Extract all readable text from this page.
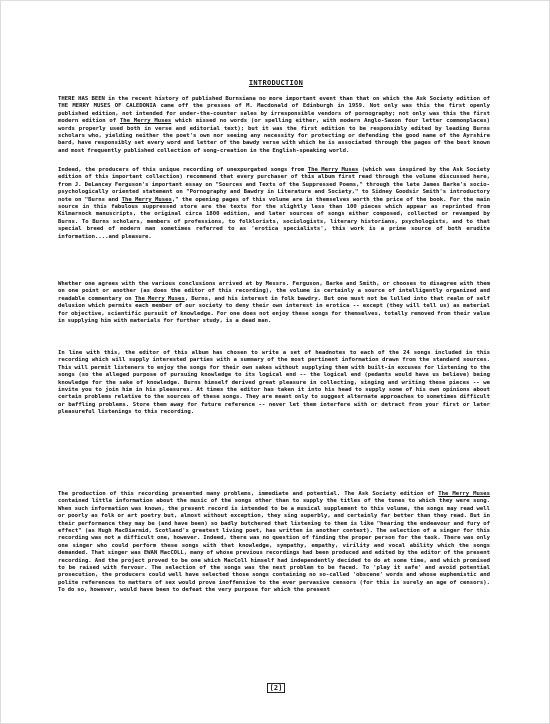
INTRODUCTION
THERE HAS BEEN in the recent history of published Burnsiana no more important event than that on which the Ask Society edition of THE MERRY MUSES OF CALEDONIA came off the presses of M. Macdonald of Edinburgh in 1959. Not only was this the first openly published edition, not intended for under-the-counter sales by irresponsible vendors of pornography; not only was this the first modern edition of The Merry Muses which missed no words (or spelling either, with modern Anglo-Saxon four letter commonplaces) words properly used both in verse and editorial text); but it was the first edition to be responsibly edited by leading Burns scholars who, yielding neither the poet's own nor seeing any necessity for protecting or defending the good name of the Ayrshire bard, have responsibly set every word and letter of the bawdy verse with which he is associated through the pages of the best known and most frequently published collection of song-creation in the English-speaking world.
Indeed, the producers of this unique recording of unexpurgated songs from The Merry Muses (which was inspired by the Ask Society edition of this important collection) recommend that every purchaser of this album first read through the volume discussed here, from J. DeLancey Ferguson's important essay on "Sources and Texts of the Suppressed Poems," through the late James Barke's socio-psychologically oriented statement on "Pornography and Bawdry in Literature and Society," to Sidney Goodsir Smith's introductory note on "Burns and The Merry Muses," the opening pages of this volume are in themselves worth the price of the book. For the main source in this fabulous suppressed store are the texts for the slightly less than 100 pieces which appear as reprinted from Kilmarnock manuscripts, the original circa 1800 edition, and later sources of songs either composed, collected or revamped by Burns. To Burns scholars, members of professions, to folklorists, sociologists, literary historians, psychologists, and to that special breed of modern man sometimes referred to as 'erotica specialists', this work is a prime source of both erudite information....and pleasure.
Whether one agrees with the various conclusions arrived at by Messrs. Ferguson, Barke and Smith, or chooses to disagree with them on one point or another (as does the editor of this recording), the volume is certainly a source of intelligently organized and readable commentary on The Merry Muses, Burns, and his interest in folk bawdry. But one must not be lulled into that realm of self delusion which permits each member of our society to deny their own interest in erotica -- except (they will tell us) as material for objective, scientific pursuit of knowledge. For one does not enjoy these songs for themselves, totally removed from their value in supplying him with materials for further study, is a dead man.
In line with this, the editor of this album has chosen to write a set of headnotes to each of the 24 songs included in this recording which will supply interested parties with a summary of the most pertinent information drawn from the standard sources. This will permit listeners to enjoy the songs for their own sakes without supplying them with built-in excuses for listening to the songs (so the alleged purpose of pursuing knowledge to its logical end -- the logical end (pedants would have us believe) being knowledge for the sake of knowledge. Burns himself derived great pleasure in collecting, singing and writing these pieces -- we invite you to join him in his pleasures. At times the editor has taken it into his head to supply some of his own opinions about certain problems relative to the sources of these songs. They are meant only to suggest alternate approaches to sometimes difficult or baffling problems. Store them away for future reference -- never let them interfere with or detract from your first or later pleasureful listenings to this recording.
The production of this recording presented many problems, immediate and potential. The Ask Society edition of The Merry Muses contained little information about the music of the songs other than to supply the titles of the tunes to which they were sung. When such information was known, the present record is intended to be a musical supplement to this volume, the songs may read well or poorly as folk or art poetry but, almost without exception, they sing superbly, and certainly far better than they read. But in their performance they may be (and have been) so badly butchered that listening to them is like "hearing the endeavour and fury of effect" (as Hugh MacDiarmid, Scotland's greatest living poet, has written in another context). The selection of a singer for this recording was not a difficult one, however. Indeed, there was no question of finding the proper person for the task. There was only one singer who could perform these songs with that knowledge, sympathy, empathy, virility and vocal ability which the songs demanded. That singer was EWAN MacCOLL, many of whose previous recordings had been produced and edited by the editor of the present recording. And the project proved to be one which MacColl himself had independently decided to do at some time, and which promised to be raised with fervour. The selection of the songs was the next problem to be faced. To 'play it safe' and avoid potential prosecution, the producers could well have selected those songs containing no so-called 'obscene' words and whose euphemistic and polite references to matters of sex would prove inoffensive to the ever pervasive censors (for this is surely an age of censors). To do so, however, would have been to defeat the very purpose for which the present
[2]
